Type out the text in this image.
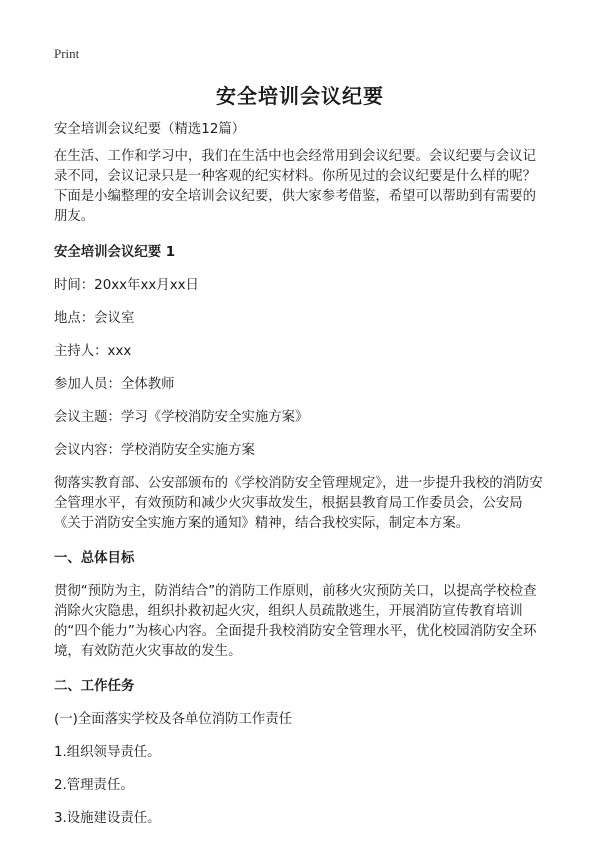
Print
安全培训会议纪要

安全培训会议纪要（精选12篇）

在生活、工作和学习中，我们在生活中也会经常用到会议纪要。会议纪要与会议记录不同，会议记录只是一种客观的纪实材料。你所见过的会议纪要是什么样的呢？下面是小编整理的安全培训会议纪要，供大家参考借鉴，希望可以帮助到有需要的朋友。

安全培训会议纪要 1

时间：20xx年xx月xx日

地点：会议室

主持人：xxx

参加人员：全体教师

会议主题：学习《学校消防安全实施方案》

会议内容：学校消防安全实施方案

彻落实教育部、公安部颁布的《学校消防安全管理规定》，进一步提升我校的消防安全管理水平，有效预防和减少火灾事故发生，根据县教育局工作委员会，公安局《关于消防安全实施方案的通知》精神，结合我校实际，制定本方案。

一、总体目标

贯彻“预防为主，防消结合”的消防工作原则，前移火灾预防关口，以提高学校检查消除火灾隐患，组织扑救初起火灾，组织人员疏散逃生，开展消防宣传教育培训的“四个能力”为核心内容。全面提升我校消防安全管理水平，优化校园消防安全环境，有效防范火灾事故的发生。

二、工作任务

(一)全面落实学校及各单位消防工作责任

1.组织领导责任。

2.管理责任。

3.设施建设责任。
